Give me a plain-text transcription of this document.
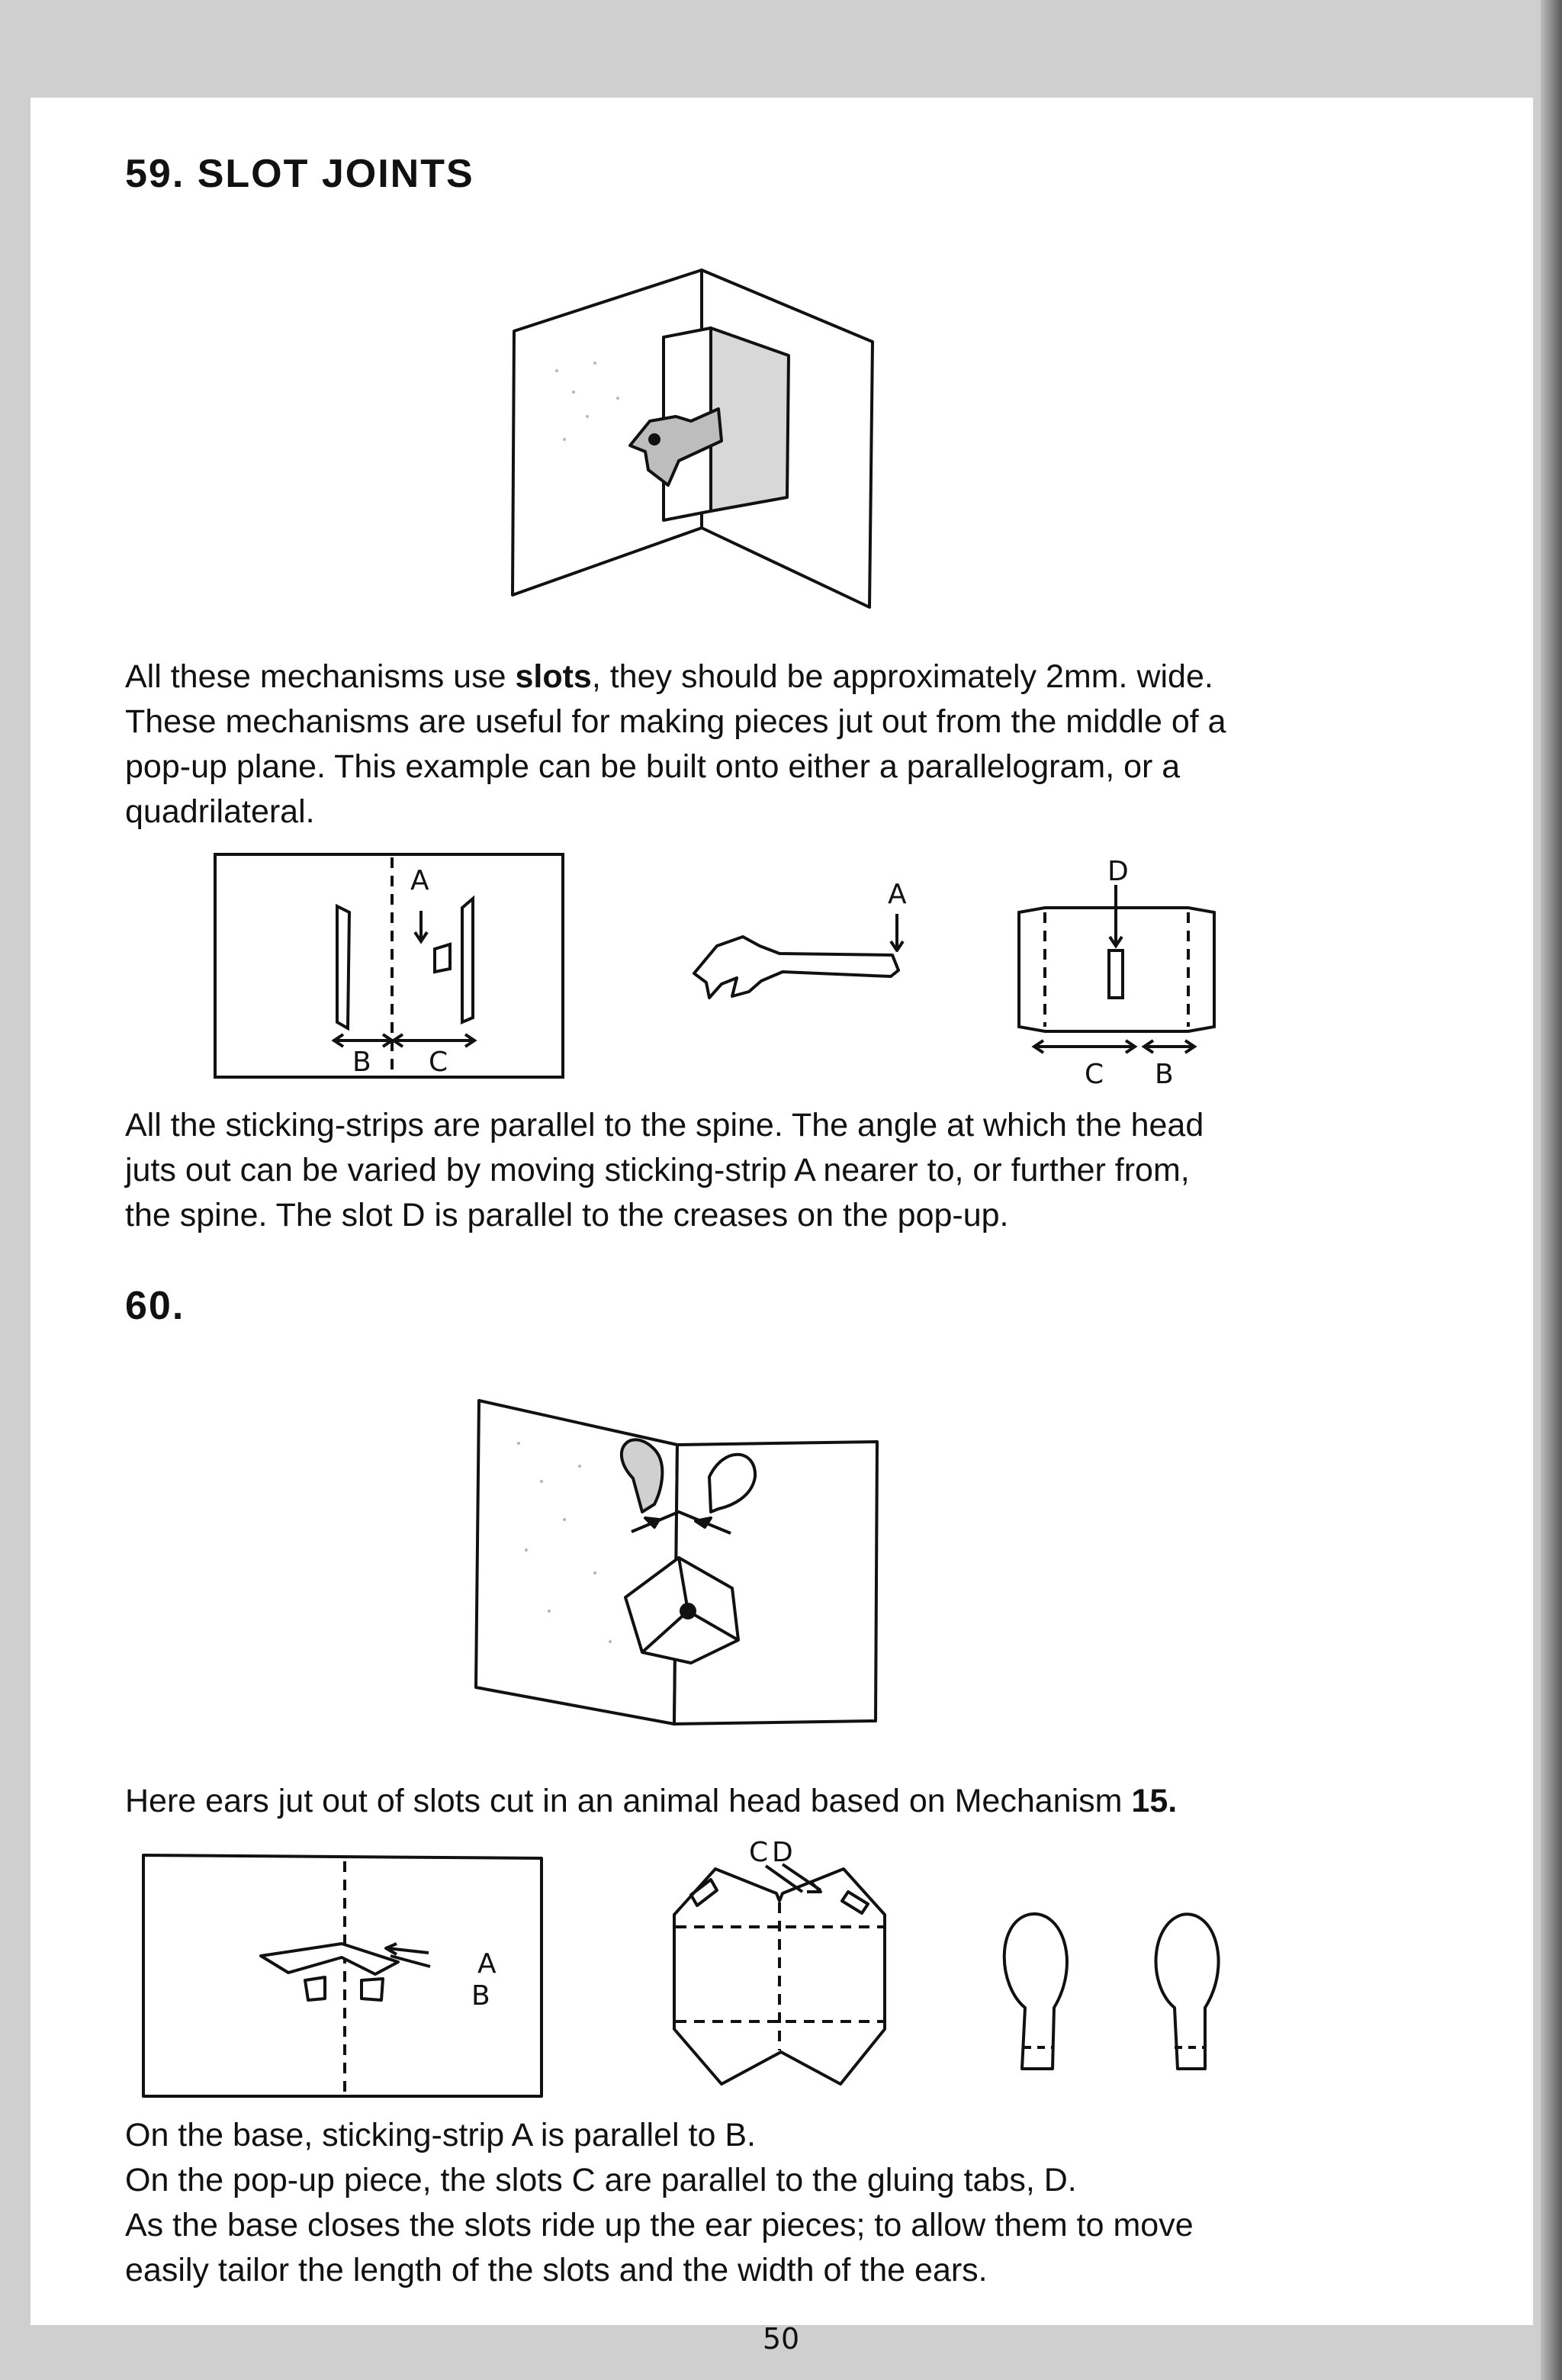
59. SLOT JOINTS

All these mechanisms use slots, they should be approximately 2mm. wide.
These mechanisms are useful for making pieces jut out from the middle of a
pop-up plane. This example can be built onto either a parallelogram, or a
quadrilateral.

A
B C
A
D
C B

All the sticking-strips are parallel to the spine. The angle at which the head
juts out can be varied by moving sticking-strip A nearer to, or further from,
the spine. The slot D is parallel to the creases on the pop-up.

60.

Here ears jut out of slots cut in an animal head based on Mechanism 15.

A
B
C D

On the base, sticking-strip A is parallel to B.
On the pop-up piece, the slots C are parallel to the gluing tabs, D.
As the base closes the slots ride up the ear pieces; to allow them to move
easily tailor the length of the slots and the width of the ears.

50
